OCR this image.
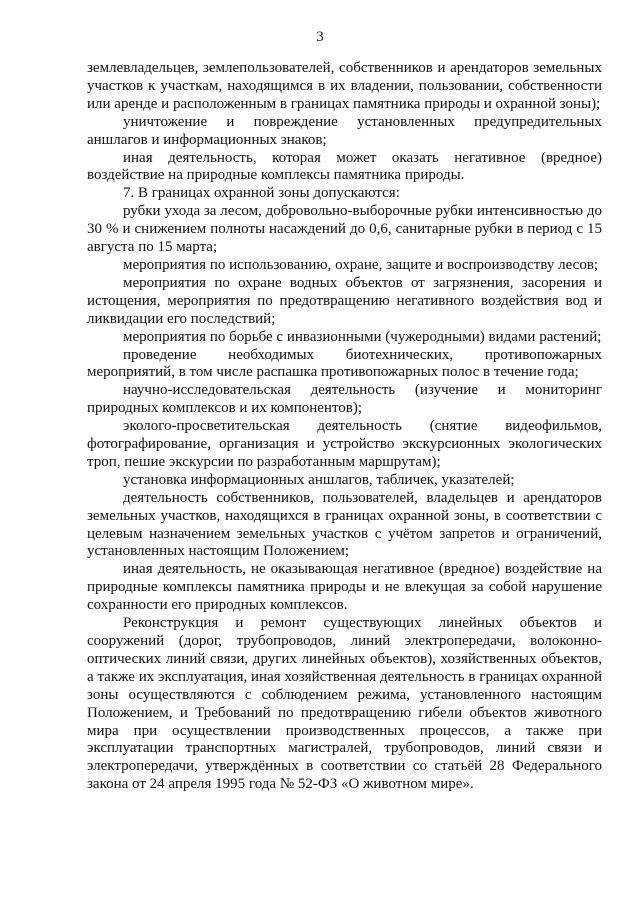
3

землевладельцев, землепользователей, собственников и арендаторов земельных участков к участкам, находящимся в их владении, пользовании, собственности или аренде и расположенным в границах памятника природы и охранной зоны);

уничтожение и повреждение установленных предупредительных аншлагов и информационных знаков;

иная деятельность, которая может оказать негативное (вредное) воздействие на природные комплексы памятника природы.

7. В границах охранной зоны допускаются:

рубки ухода за лесом, добровольно-выборочные рубки интенсивностью до 30 % и снижением полноты насаждений до 0,6, санитарные рубки в период с 15 августа по 15 марта;

мероприятия по использованию, охране, защите и воспроизводству лесов;

мероприятия по охране водных объектов от загрязнения, засорения и истощения, мероприятия по предотвращению негативного воздействия вод и ликвидации его последствий;

мероприятия по борьбе с инвазионными (чужеродными) видами растений;

проведение необходимых биотехнических, противопожарных мероприятий, в том числе распашка противопожарных полос в течение года;

научно-исследовательская деятельность (изучение и мониторинг природных комплексов и их компонентов);

эколого-просветительская деятельность (снятие видеофильмов, фотографирование, организация и устройство экскурсионных экологических троп, пешие экскурсии по разработанным маршрутам);

установка информационных аншлагов, табличек, указателей;

деятельность собственников, пользователей, владельцев и арендаторов земельных участков, находящихся в границах охранной зоны, в соответствии с целевым назначением земельных участков с учётом запретов и ограничений, установленных настоящим Положением;

иная деятельность, не оказывающая негативное (вредное) воздействие на природные комплексы памятника природы и не влекущая за собой нарушение сохранности его природных комплексов.

Реконструкция и ремонт существующих линейных объектов и сооружений (дорог, трубопроводов, линий электропередачи, волоконно-оптических линий связи, других линейных объектов), хозяйственных объектов, а также их эксплуатация, иная хозяйственная деятельность в границах охранной зоны осуществляются с соблюдением режима, установленного настоящим Положением, и Требований по предотвращению гибели объектов животного мира при осуществлении производственных процессов, а также при эксплуатации транспортных магистралей, трубопроводов, линий связи и электропередачи, утверждённых в соответствии со статьёй 28 Федерального закона от 24 апреля 1995 года № 52-ФЗ «О животном мире».
